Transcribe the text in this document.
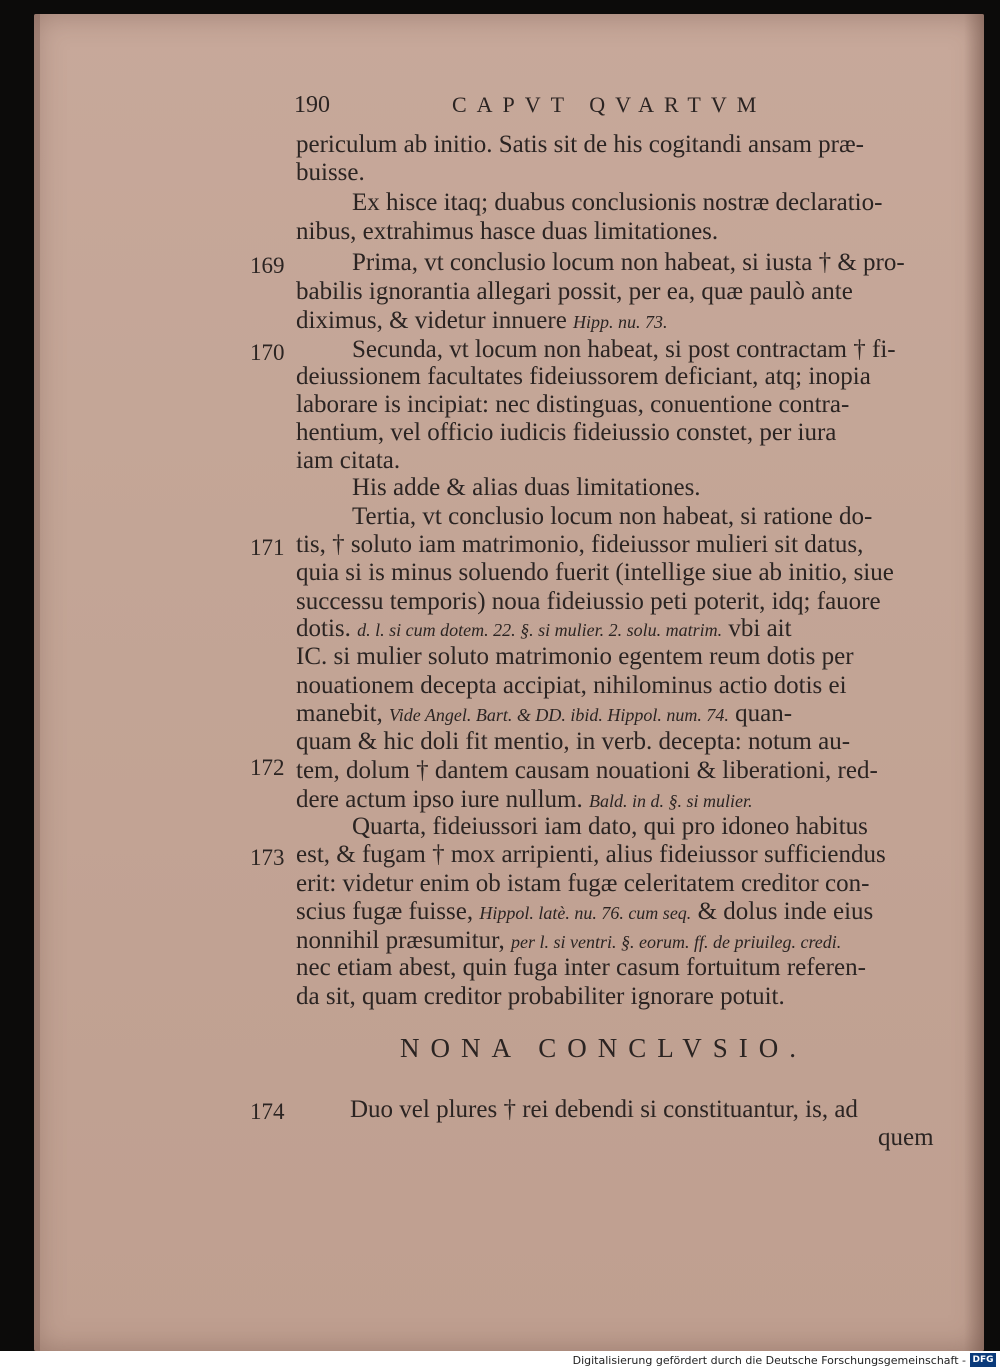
190	CAPVT QVARTVM
169
170
171
172
173
174
periculum ab initio. Satis sit de his cogitandi ansam præ-
buisse.
Ex hisce itaq; duabus conclusionis nostræ declaratio-
nibus, extrahimus hasce duas limitationes.
Prima, vt conclusio locum non habeat, si iusta † & pro-
babilis ignorantia allegari possit, per ea, quæ paulò ante
diximus, & videtur innuere Hipp. nu. 73.
Secunda, vt locum non habeat, si post contractam † fi-
deiussionem facultates fideiussorem deficiant, atq; inopia
laborare is incipiat: nec distinguas, conuentione contra-
hentium, vel officio iudicis fideiussio constet, per iura
iam citata.
His adde & alias duas limitationes.
Tertia, vt conclusio locum non habeat, si ratione do-
tis, † soluto iam matrimonio, fideiussor mulieri sit datus,
quia si is minus soluendo fuerit (intellige siue ab initio, siue
successu temporis) noua fideiussio peti poterit, idq; fauore
dotis. d. l. si cum dotem. 22. §. si mulier. 2. solu. matrim. vbi ait
IC. si mulier soluto matrimonio egentem reum dotis per
nouationem decepta accipiat, nihilominus actio dotis ei
manebit, Vide Angel. Bart. & DD. ibid. Hippol. num. 74. quan-
quam & hic doli fit mentio, in verb. decepta: notum au-
tem, dolum † dantem causam nouationi & liberationi, red-
dere actum ipso iure nullum. Bald. in d. §. si mulier.
Quarta, fideiussori iam dato, qui pro idoneo habitus
est, & fugam † mox arripienti, alius fideiussor sufficiendus
erit: videtur enim ob istam fugæ celeritatem creditor con-
scius fugæ fuisse, Hippol. latè. nu. 76. cum seq. & dolus inde eius
nonnihil præsumitur, per l. si ventri. §. eorum. ff. de priuileg. credi.
nec etiam abest, quin fuga inter casum fortuitum referen-
da sit, quam creditor probabiliter ignorare potuit.
NONA CONCLVSIO.
Duo vel plures † rei debendi si constituantur, is, ad
quem
Digitalisierung gefördert durch die Deutsche Forschungsgemeinschaft - DFG
